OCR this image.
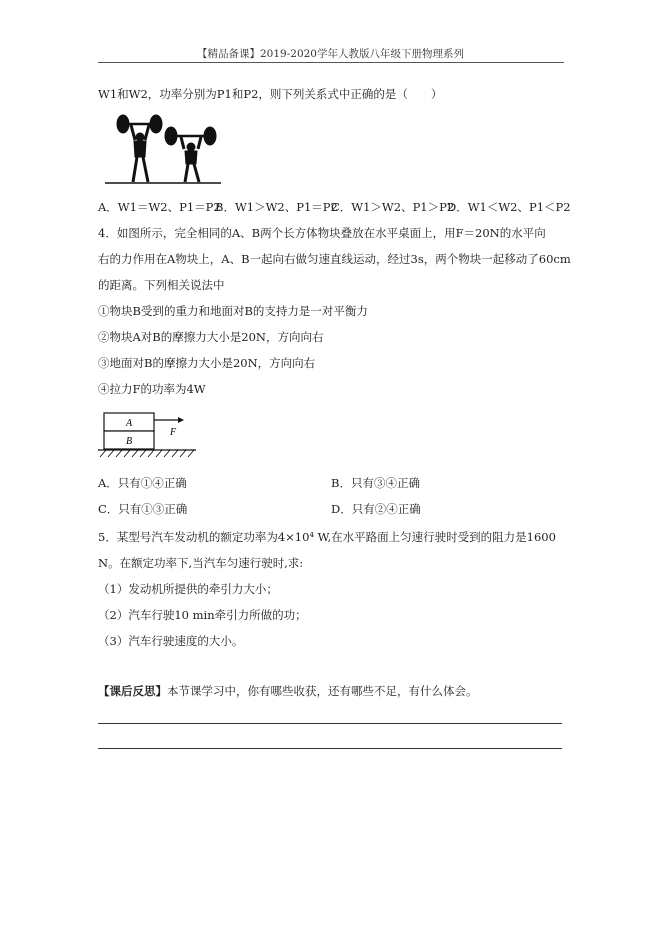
【精品备课】2019-2020学年人教版八年级下册物理系列
W1和W2，功率分别为P1和P2，则下列关系式中正确的是（　　）
A．W1＝W2、P1＝P2
B．W1＞W2、P1＝P2
C．W1＞W2、P1＞P2
D．W1＜W2、P1＜P2
4．如图所示，完全相同的A、B两个长方体物块叠放在水平桌面上，用F＝20N的水平向
右的力作用在A物块上，A、B一起向右做匀速直线运动，经过3s，两个物块一起移动了60cm
的距离。下列相关说法中
①物块B受到的重力和地面对B的支持力是一对平衡力
②物块A对B的摩擦力大小是20N，方向向右
③地面对B的摩擦力大小是20N，方向向右
④拉力F的功率为4W
A
B
F
A．只有①④正确	B．只有③④正确
C．只有①③正确	D．只有②④正确
5．某型号汽车发动机的额定功率为4×10⁴ W,在水平路面上匀速行驶时受到的阻力是1600
N。在额定功率下,当汽车匀速行驶时,求:
（1）发动机所提供的牵引力大小；
（2）汽车行驶10 min牵引力所做的功；
（3）汽车行驶速度的大小。
【课后反思】本节课学习中，你有哪些收获，还有哪些不足，有什么体会。
